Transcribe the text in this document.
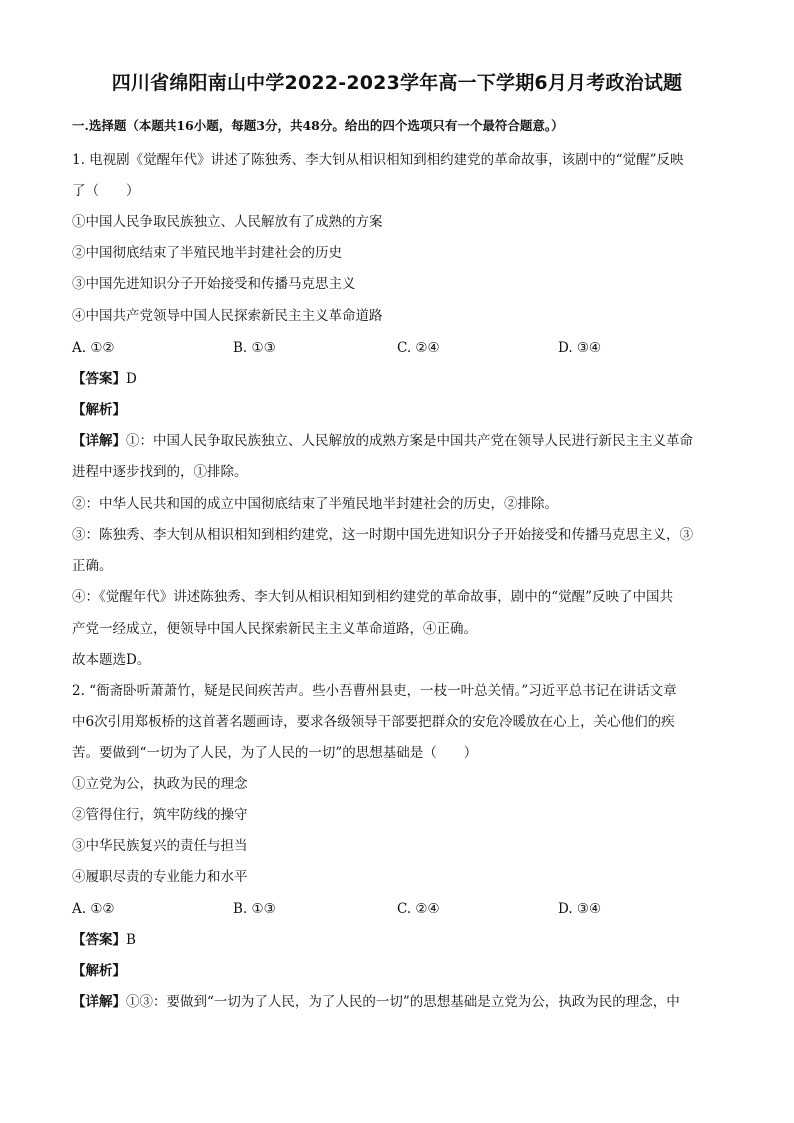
四川省绵阳南山中学2022-2023学年高一下学期6月月考政治试题
一.选择题（本题共16小题，每题3分，共48分。给出的四个选项只有一个最符合题意。）
1. 电视剧《觉醒年代》讲述了陈独秀、李大钊从相识相知到相约建党的革命故事，该剧中的“觉醒”反映
了（　　）
①中国人民争取民族独立、人民解放有了成熟的方案
②中国彻底结束了半殖民地半封建社会的历史
③中国先进知识分子开始接受和传播马克思主义
④中国共产党领导中国人民探索新民主主义革命道路
A. ①②	B. ①③	C. ②④	D. ③④
【答案】D
【解析】
【详解】①：中国人民争取民族独立、人民解放的成熟方案是中国共产党在领导人民进行新民主主义革命
进程中逐步找到的，①排除。
②：中华人民共和国的成立中国彻底结束了半殖民地半封建社会的历史，②排除。
③：陈独秀、李大钊从相识相知到相约建党，这一时期中国先进知识分子开始接受和传播马克思主义，③
正确。
④：《觉醒年代》讲述陈独秀、李大钊从相识相知到相约建党的革命故事，剧中的“觉醒”反映了中国共
产党一经成立，便领导中国人民探索新民主主义革命道路，④正确。
故本题选D。
2. “衙斋卧听萧萧竹，疑是民间疾苦声。些小吾曹州县吏，一枝一叶总关情。”习近平总书记在讲话文章
中6次引用郑板桥的这首著名题画诗，要求各级领导干部要把群众的安危冷暖放在心上，关心他们的疾
苦。要做到“一切为了人民，为了人民的一切”的思想基础是（　　）
①立党为公，执政为民的理念
②管得住行，筑牢防线的操守
③中华民族复兴的责任与担当
④履职尽责的专业能力和水平
A. ①②	B. ①③	C. ②④	D. ③④
【答案】B
【解析】
【详解】①③：要做到“一切为了人民，为了人民的一切”的思想基础是立党为公，执政为民的理念，中
